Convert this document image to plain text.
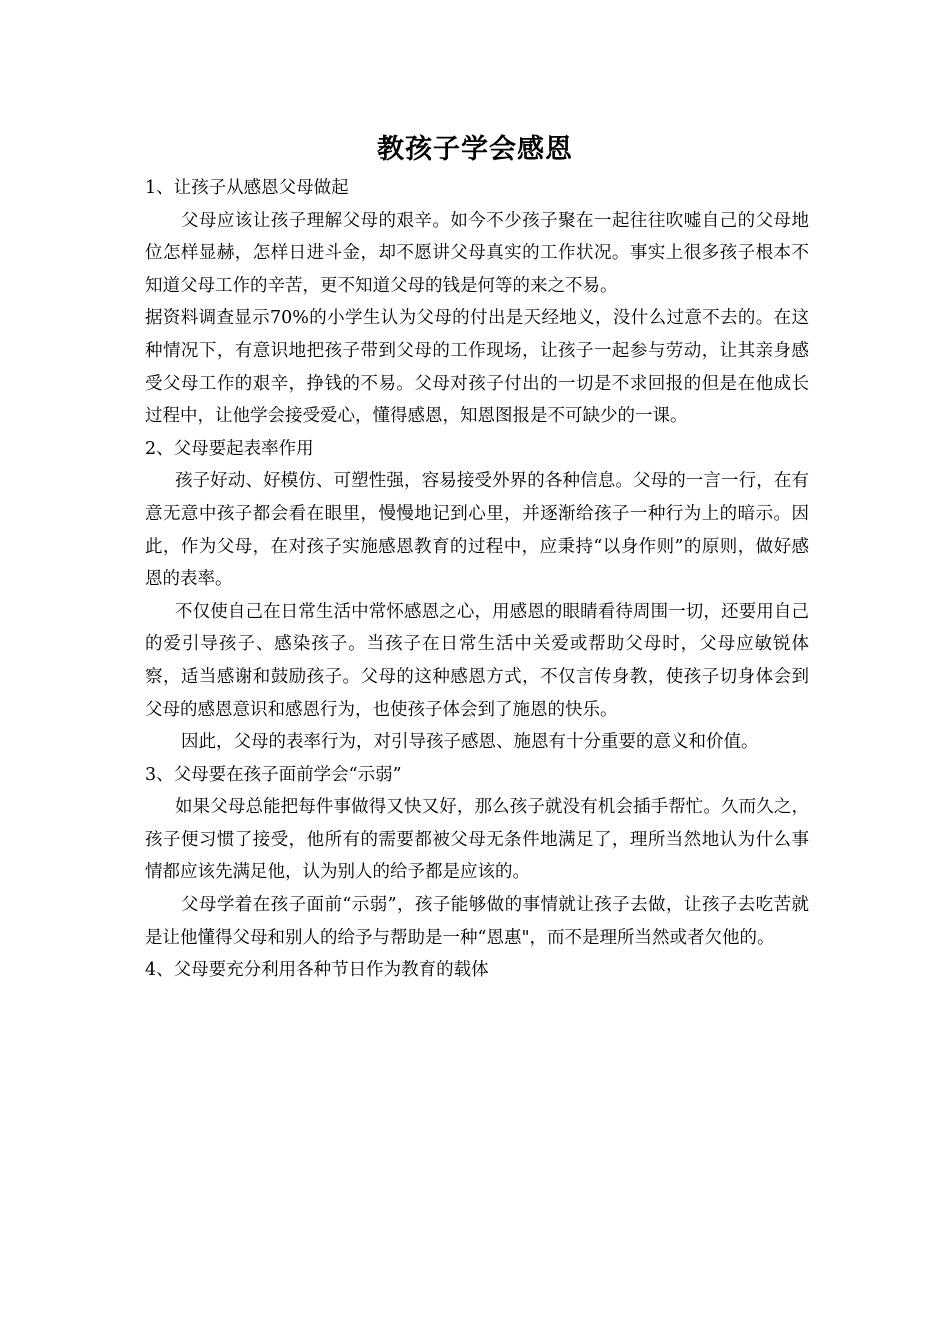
教孩子学会感恩

1、让孩子从感恩父母做起

父母应该让孩子理解父母的艰辛。如今不少孩子聚在一起往往吹嘘自己的父母地位怎样显赫，怎样日进斗金，却不愿讲父母真实的工作状况。事实上很多孩子根本不知道父母工作的辛苦，更不知道父母的钱是何等的来之不易。

据资料调查显示70%的小学生认为父母的付出是天经地义，没什么过意不去的。在这种情况下，有意识地把孩子带到父母的工作现场，让孩子一起参与劳动，让其亲身感受父母工作的艰辛，挣钱的不易。父母对孩子付出的一切是不求回报的但是在他成长过程中，让他学会接受爱心，懂得感恩，知恩图报是不可缺少的一课。

2、父母要起表率作用

孩子好动、好模仿、可塑性强，容易接受外界的各种信息。父母的一言一行，在有意无意中孩子都会看在眼里，慢慢地记到心里，并逐渐给孩子一种行为上的暗示。因此，作为父母，在对孩子实施感恩教育的过程中，应秉持“以身作则”的原则，做好感恩的表率。

不仅使自己在日常生活中常怀感恩之心，用感恩的眼睛看待周围一切，还要用自己的爱引导孩子、感染孩子。当孩子在日常生活中关爱或帮助父母时，父母应敏锐体察，适当感谢和鼓励孩子。父母的这种感恩方式，不仅言传身教，使孩子切身体会到父母的感恩意识和感恩行为，也使孩子体会到了施恩的快乐。

因此，父母的表率行为，对引导孩子感恩、施恩有十分重要的意义和价值。

3、父母要在孩子面前学会“示弱”

如果父母总能把每件事做得又快又好，那么孩子就没有机会插手帮忙。久而久之，孩子便习惯了接受，他所有的需要都被父母无条件地满足了，理所当然地认为什么事情都应该先满足他，认为别人的给予都是应该的。

父母学着在孩子面前“示弱”，孩子能够做的事情就让孩子去做，让孩子去吃苦就是让他懂得父母和别人的给予与帮助是一种“恩惠"，而不是理所当然或者欠他的。

4、父母要充分利用各种节日作为教育的载体
